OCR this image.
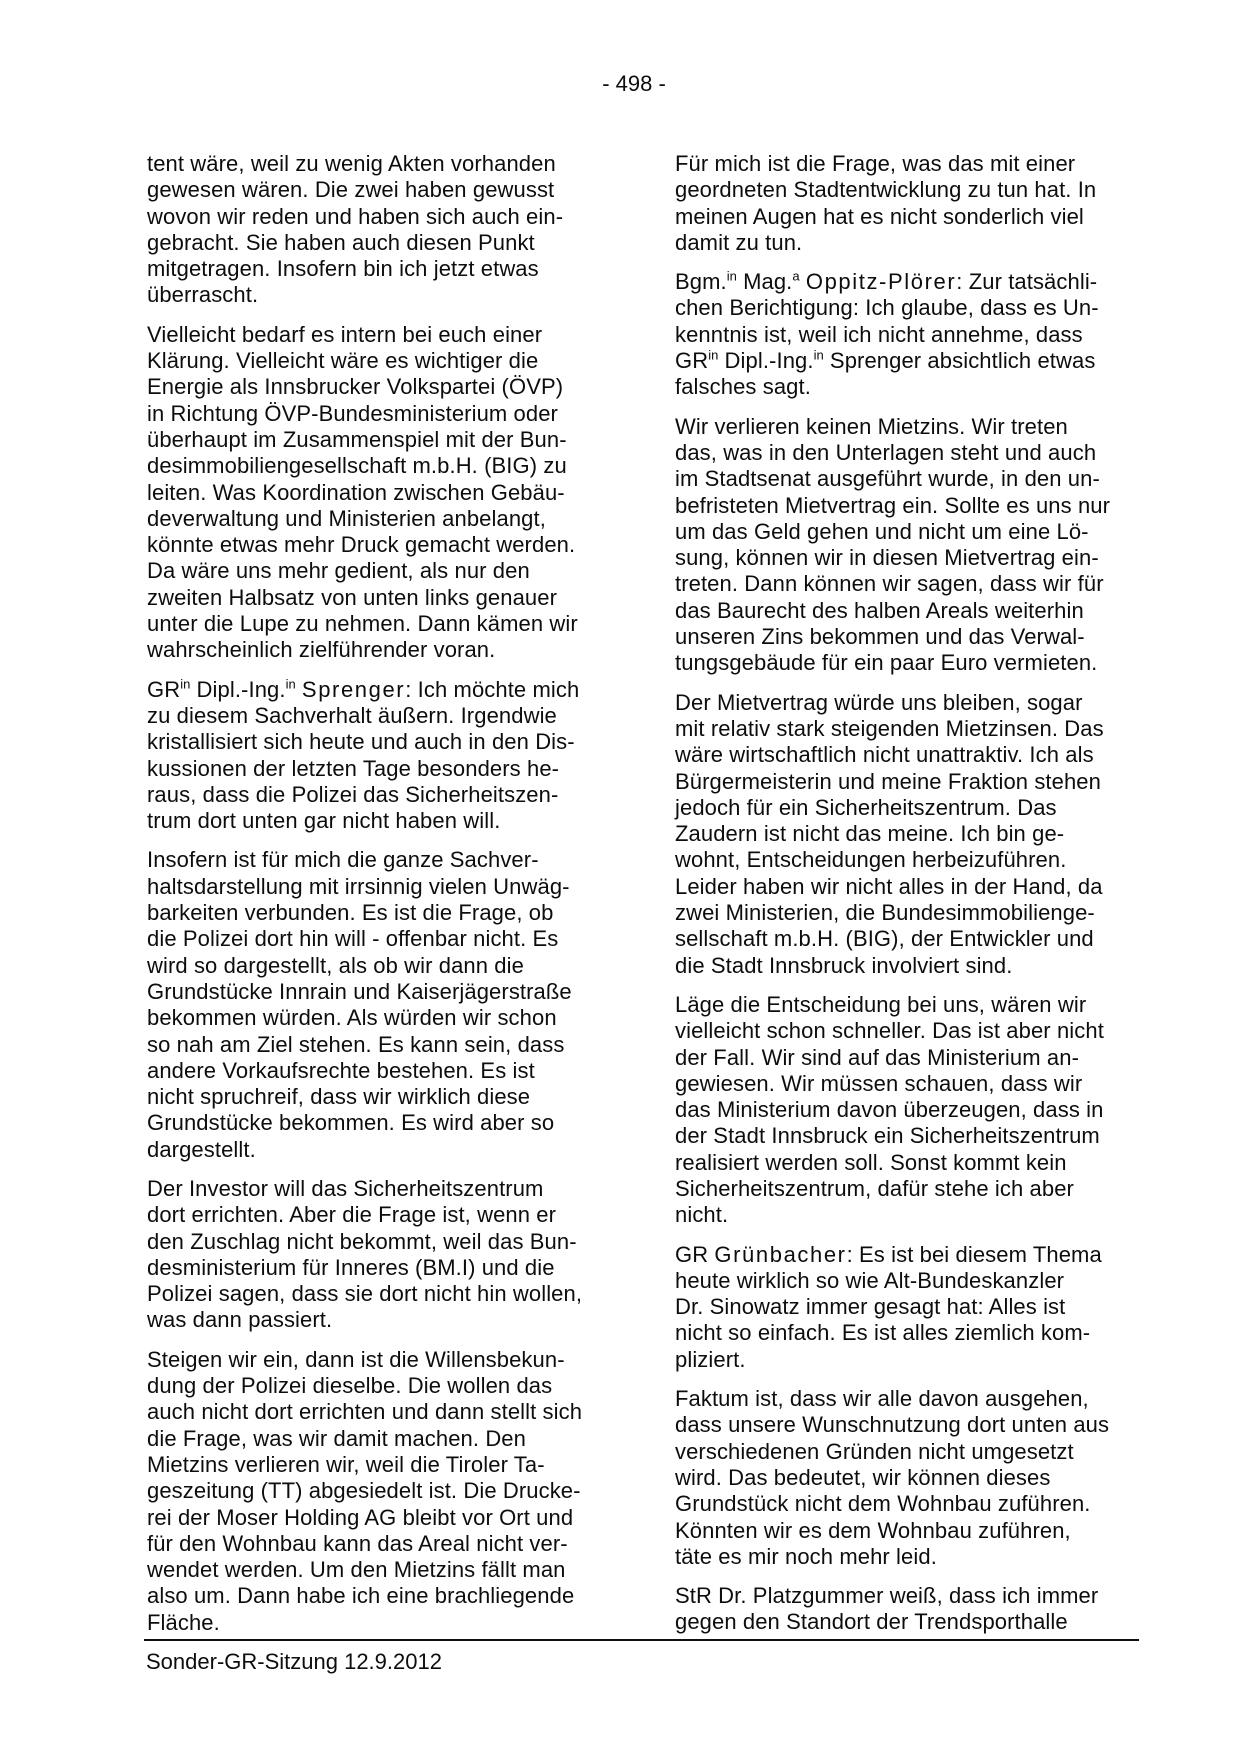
- 498 -

tent wäre, weil zu wenig Akten vorhanden
gewesen wären. Die zwei haben gewusst
wovon wir reden und haben sich auch ein-
gebracht. Sie haben auch diesen Punkt
mitgetragen. Insofern bin ich jetzt etwas
überrascht.

Vielleicht bedarf es intern bei euch einer
Klärung. Vielleicht wäre es wichtiger die
Energie als Innsbrucker Volkspartei (ÖVP)
in Richtung ÖVP-Bundesministerium oder
überhaupt im Zusammenspiel mit der Bun-
desimmobiliengesellschaft m.b.H. (BIG) zu
leiten. Was Koordination zwischen Gebäu-
deverwaltung und Ministerien anbelangt,
könnte etwas mehr Druck gemacht werden.
Da wäre uns mehr gedient, als nur den
zweiten Halbsatz von unten links genauer
unter die Lupe zu nehmen. Dann kämen wir
wahrscheinlich zielführender voran.

$GR^{in}$ Dipl.-Ing.$^{in}$ Sprenger: Ich möchte mich
zu diesem Sachverhalt äußern. Irgendwie
kristallisiert sich heute und auch in den Dis-
kussionen der letzten Tage besonders he-
raus, dass die Polizei das Sicherheitszen-
trum dort unten gar nicht haben will.

Insofern ist für mich die ganze Sachver-
haltsdarstellung mit irrsinnig vielen Unwäg-
barkeiten verbunden. Es ist die Frage, ob
die Polizei dort hin will - offenbar nicht. Es
wird so dargestellt, als ob wir dann die
Grundstücke Innrain und Kaiserjägerstraße
bekommen würden. Als würden wir schon
so nah am Ziel stehen. Es kann sein, dass
andere Vorkaufsrechte bestehen. Es ist
nicht spruchreif, dass wir wirklich diese
Grundstücke bekommen. Es wird aber so
dargestellt.

Der Investor will das Sicherheitszentrum
dort errichten. Aber die Frage ist, wenn er
den Zuschlag nicht bekommt, weil das Bun-
desministerium für Inneres (BM.I) und die
Polizei sagen, dass sie dort nicht hin wollen,
was dann passiert.

Steigen wir ein, dann ist die Willensbekun-
dung der Polizei dieselbe. Die wollen das
auch nicht dort errichten und dann stellt sich
die Frage, was wir damit machen. Den
Mietzins verlieren wir, weil die Tiroler Ta-
geszeitung (TT) abgesiedelt ist. Die Drucke-
rei der Moser Holding AG bleibt vor Ort und
für den Wohnbau kann das Areal nicht ver-
wendet werden. Um den Mietzins fällt man
also um. Dann habe ich eine brachliegende
Fläche.

Für mich ist die Frage, was das mit einer
geordneten Stadtentwicklung zu tun hat. In
meinen Augen hat es nicht sonderlich viel
damit zu tun.

Bgm.$^{in}$ Mag.$^a$ Oppitz-Plörer: Zur tatsächli-
chen Berichtigung: Ich glaube, dass es Un-
kenntnis ist, weil ich nicht annehme, dass
$GR^{in}$ Dipl.-Ing.$^{in}$ Sprenger absichtlich etwas
falsches sagt.

Wir verlieren keinen Mietzins. Wir treten
das, was in den Unterlagen steht und auch
im Stadtsenat ausgeführt wurde, in den un-
befristeten Mietvertrag ein. Sollte es uns nur
um das Geld gehen und nicht um eine Lö-
sung, können wir in diesen Mietvertrag ein-
treten. Dann können wir sagen, dass wir für
das Baurecht des halben Areals weiterhin
unseren Zins bekommen und das Verwal-
tungsgebäude für ein paar Euro vermieten.

Der Mietvertrag würde uns bleiben, sogar
mit relativ stark steigenden Mietzinsen. Das
wäre wirtschaftlich nicht unattraktiv. Ich als
Bürgermeisterin und meine Fraktion stehen
jedoch für ein Sicherheitszentrum. Das
Zaudern ist nicht das meine. Ich bin ge-
wohnt, Entscheidungen herbeizuführen.
Leider haben wir nicht alles in der Hand, da
zwei Ministerien, die Bundesimmobilienge-
sellschaft m.b.H. (BIG), der Entwickler und
die Stadt Innsbruck involviert sind.

Läge die Entscheidung bei uns, wären wir
vielleicht schon schneller. Das ist aber nicht
der Fall. Wir sind auf das Ministerium an-
gewiesen. Wir müssen schauen, dass wir
das Ministerium davon überzeugen, dass in
der Stadt Innsbruck ein Sicherheitszentrum
realisiert werden soll. Sonst kommt kein
Sicherheitszentrum, dafür stehe ich aber
nicht.

GR Grünbacher: Es ist bei diesem Thema
heute wirklich so wie Alt-Bundeskanzler
Dr. Sinowatz immer gesagt hat: Alles ist
nicht so einfach. Es ist alles ziemlich kom-
pliziert.

Faktum ist, dass wir alle davon ausgehen,
dass unsere Wunschnutzung dort unten aus
verschiedenen Gründen nicht umgesetzt
wird. Das bedeutet, wir können dieses
Grundstück nicht dem Wohnbau zuführen.
Könnten wir es dem Wohnbau zuführen,
täte es mir noch mehr leid.

StR Dr. Platzgummer weiß, dass ich immer
gegen den Standort der Trendsporthalle

Sonder-GR-Sitzung 12.9.2012
